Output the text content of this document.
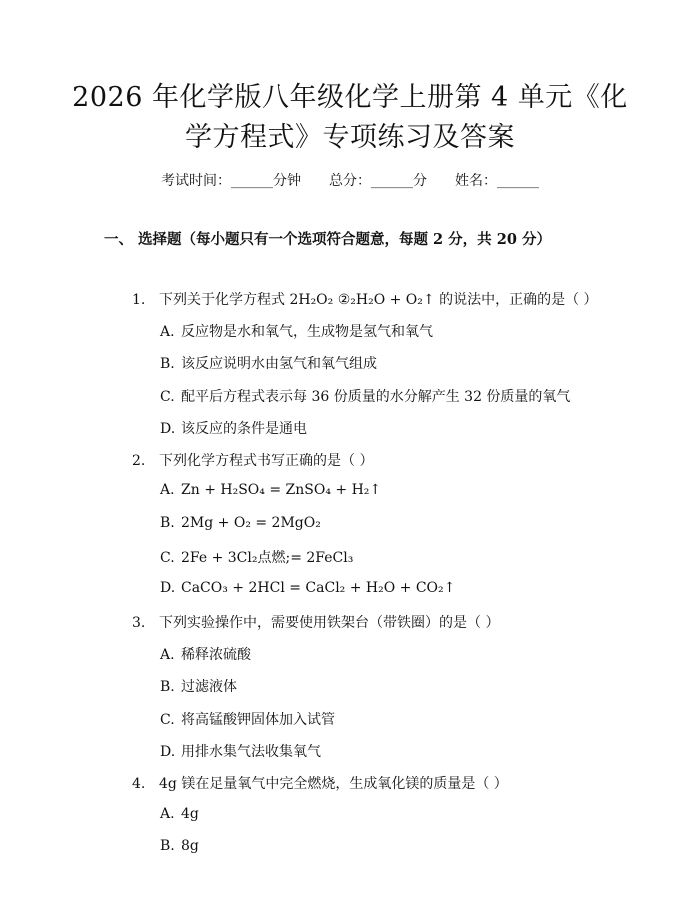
2026 年化学版八年级化学上册第 4 单元《化
学方程式》专项练习及答案
考试时间：______分钟 总分：______分 姓名：______
一、 选择题（每小题只有一个选项符合题意，每题 2 分，共 20 分）
1. 下列关于化学方程式 2H₂O₂ ②₂H₂O + O₂↑ 的说法中，正确的是（ ）
A. 反应物是水和氧气，生成物是氢气和氧气
B. 该反应说明水由氢气和氧气组成
C. 配平后方程式表示每 36 份质量的水分解产生 32 份质量的氧气
D. 该反应的条件是通电
2. 下列化学方程式书写正确的是（ ）
A. Zn + H₂SO₄ = ZnSO₄ + H₂↑
B. 2Mg + O₂ = 2MgO₂
C. 2Fe + 3Cl₂点燃;= 2FeCl₃
D. CaCO₃ + 2HCl = CaCl₂ + H₂O + CO₂↑
3. 下列实验操作中，需要使用铁架台（带铁圈）的是（ ）
A. 稀释浓硫酸
B. 过滤液体
C. 将高锰酸钾固体加入试管
D. 用排水集气法收集氧气
4. 4g 镁在足量氧气中完全燃烧，生成氧化镁的质量是（ ）
A. 4g
B. 8g
